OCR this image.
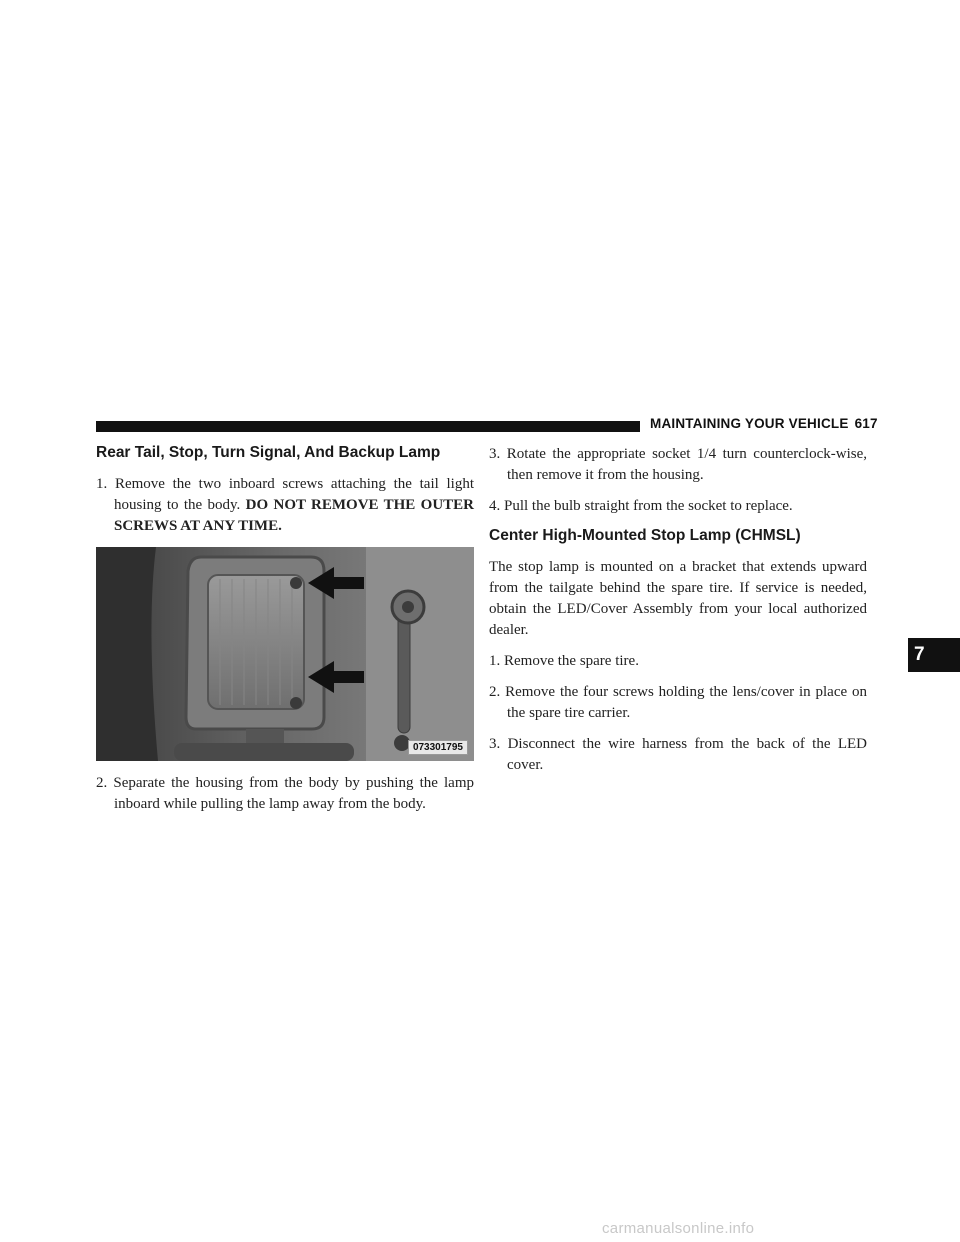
MAINTAINING YOUR VEHICLE 617
Rear Tail, Stop, Turn Signal, And Backup Lamp

1. Remove the two inboard screws attaching the tail light housing to the body. DO NOT REMOVE THE OUTER SCREWS AT ANY TIME.

073301795

2. Separate the housing from the body by pushing the lamp inboard while pulling the lamp away from the body.

3. Rotate the appropriate socket 1/4 turn counterclock-wise, then remove it from the housing.

4. Pull the bulb straight from the socket to replace.

Center High-Mounted Stop Lamp (CHMSL)

The stop lamp is mounted on a bracket that extends upward from the tailgate behind the spare tire. If service is needed, obtain the LED/Cover Assembly from your local authorized dealer.

1. Remove the spare tire.

2. Remove the four screws holding the lens/cover in place on the spare tire carrier.

3. Disconnect the wire harness from the back of the LED cover.

7
carmanualsonline.info
